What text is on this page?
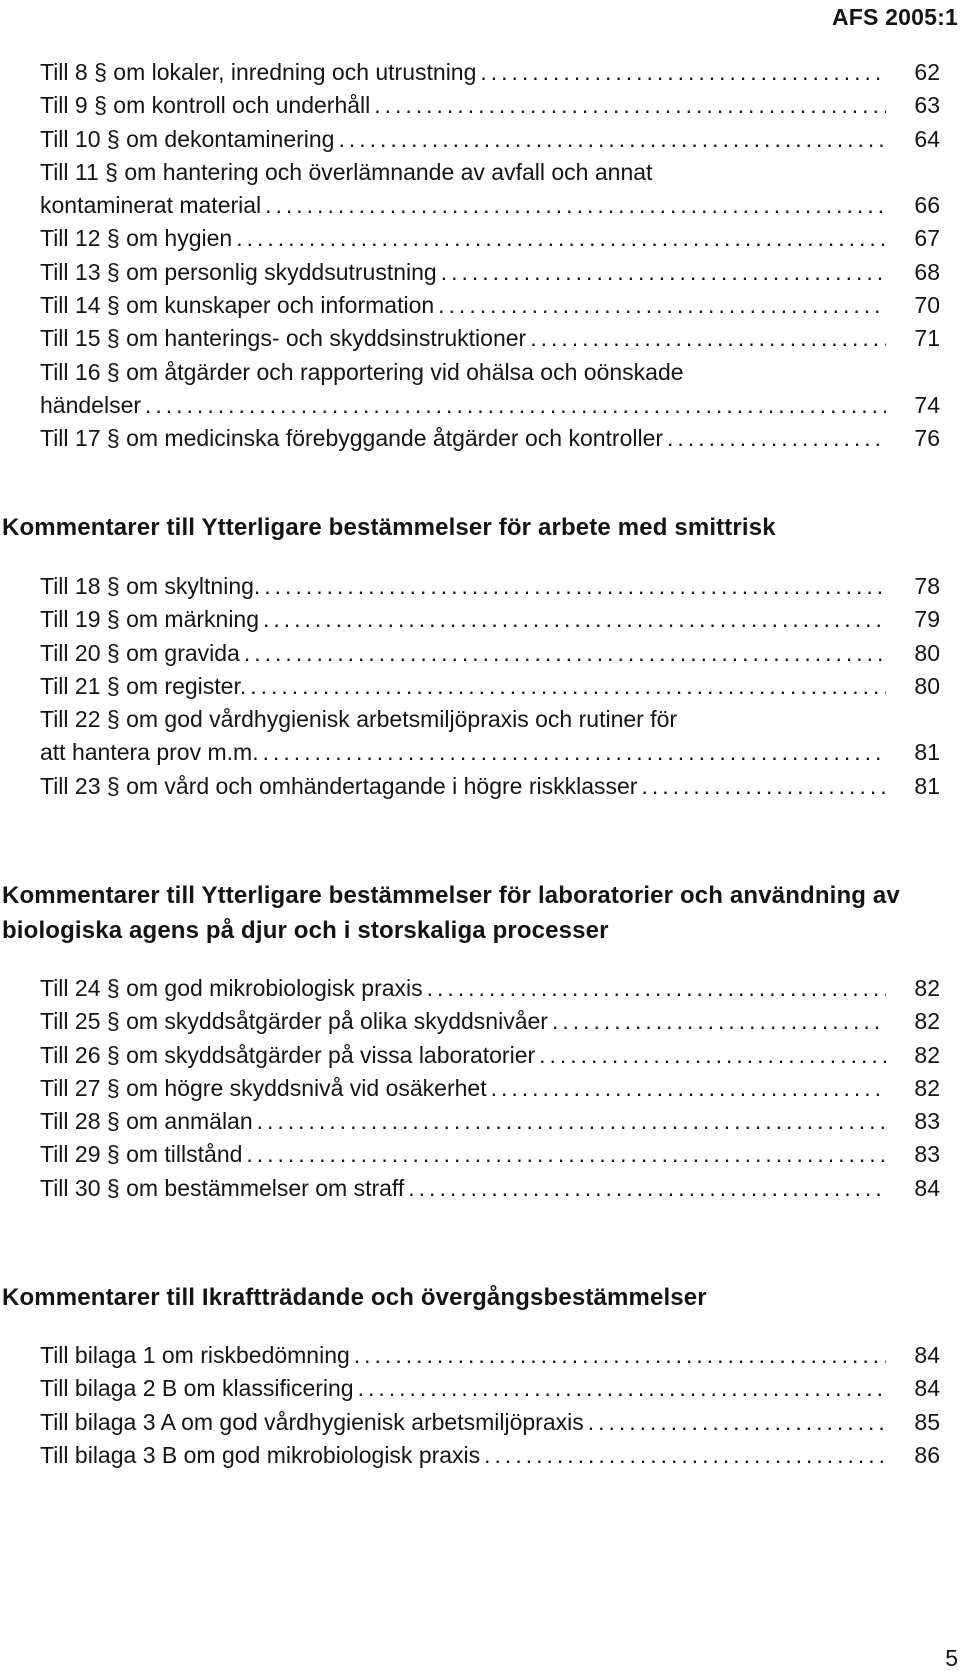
AFS 2005:1
Till 8 § om lokaler, inredning och utrustning . . .	62
Till 9 § om kontroll och underhåll . . .	63
Till 10 § om dekontaminering . . .	64
Till 11 § om hantering och överlämnande av avfall och annat
kontaminerat material . . .	66
Till 12 § om hygien . . .	67
Till 13 § om personlig skyddsutrustning . . .	68
Till 14 § om kunskaper och information . . .	70
Till 15 § om hanterings- och skyddsinstruktioner . . .	71
Till 16 § om åtgärder och rapportering vid ohälsa och oönskade
händelser . . .	74
Till 17 § om medicinska förebyggande åtgärder och kontroller . . .	76
Kommentarer till Ytterligare bestämmelser för arbete med smittrisk
Till 18 § om skyltning. . . .	78
Till 19 § om märkning . . .	79
Till 20 § om gravida . . .	80
Till 21 § om register. . . .	80
Till 22 § om god vårdhygienisk arbetsmiljöpraxis och rutiner för
att hantera prov m.m. . . .	81
Till 23 § om vård och omhändertagande i högre riskklasser . . .	81
Kommentarer till Ytterligare bestämmelser för laboratorier och användning av biologiska agens på djur och i storskaliga processer
Till 24 § om god mikrobiologisk praxis . . .	82
Till 25 § om skyddsåtgärder på olika skyddsnivåer . . .	82
Till 26 § om skyddsåtgärder på vissa laboratorier . . .	82
Till 27 § om högre skyddsnivå vid osäkerhet . . .	82
Till 28 § om anmälan . . .	83
Till 29 § om tillstånd . . .	83
Till 30 § om bestämmelser om straff . . .	84
Kommentarer till Ikraftträdande och övergångsbestämmelser
Till bilaga 1 om riskbedömning . . .	84
Till bilaga 2 B om klassificering . . .	84
Till bilaga 3 A om god vårdhygienisk arbetsmiljöpraxis . . .	85
Till bilaga 3 B om god mikrobiologisk praxis . . .	86
5
